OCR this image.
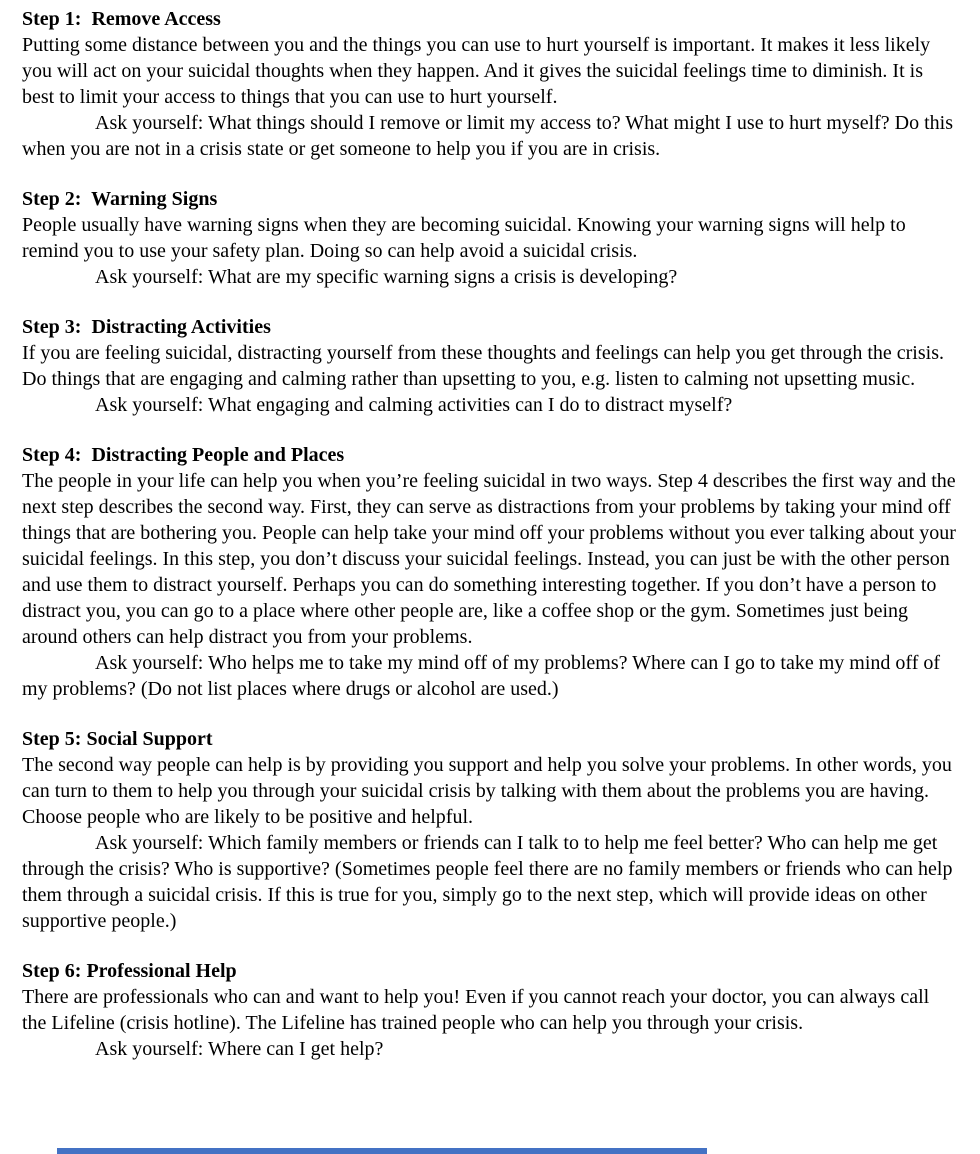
Step 1:  Remove Access

Putting some distance between you and the things you can use to hurt yourself is important. It makes it less likely you will act on your suicidal thoughts when they happen. And it gives the suicidal feelings time to diminish. It is best to limit your access to things that you can use to hurt yourself.

Ask yourself: What things should I remove or limit my access to? What might I use to hurt myself? Do this when you are not in a crisis state or get someone to help you if you are in crisis.

Step 2:  Warning Signs

People usually have warning signs when they are becoming suicidal. Knowing your warning signs will help to remind you to use your safety plan. Doing so can help avoid a suicidal crisis.

Ask yourself: What are my specific warning signs a crisis is developing?

Step 3:  Distracting Activities

If you are feeling suicidal, distracting yourself from these thoughts and feelings can help you get through the crisis. Do things that are engaging and calming rather than upsetting to you, e.g. listen to calming not upsetting music.

Ask yourself: What engaging and calming activities can I do to distract myself?

Step 4:  Distracting People and Places

The people in your life can help you when you’re feeling suicidal in two ways. Step 4 describes the first way and the next step describes the second way. First, they can serve as distractions from your problems by taking your mind off things that are bothering you. People can help take your mind off your problems without you ever talking about your suicidal feelings. In this step, you don’t discuss your suicidal feelings. Instead, you can just be with the other person and use them to distract yourself. Perhaps you can do something interesting together. If you don’t have a person to distract you, you can go to a place where other people are, like a coffee shop or the gym. Sometimes just being around others can help distract you from your problems.

Ask yourself: Who helps me to take my mind off of my problems? Where can I go to take my mind off of my problems? (Do not list places where drugs or alcohol are used.)

Step 5: Social Support

The second way people can help is by providing you support and help you solve your problems. In other words, you can turn to them to help you through your suicidal crisis by talking with them about the problems you are having. Choose people who are likely to be positive and helpful.

Ask yourself: Which family members or friends can I talk to to help me feel better? Who can help me get through the crisis? Who is supportive? (Sometimes people feel there are no family members or friends who can help them through a suicidal crisis. If this is true for you, simply go to the next step, which will provide ideas on other supportive people.)

Step 6: Professional Help

There are professionals who can and want to help you! Even if you cannot reach your doctor, you can always call the Lifeline (crisis hotline). The Lifeline has trained people who can help you through your crisis.

Ask yourself: Where can I get help?
